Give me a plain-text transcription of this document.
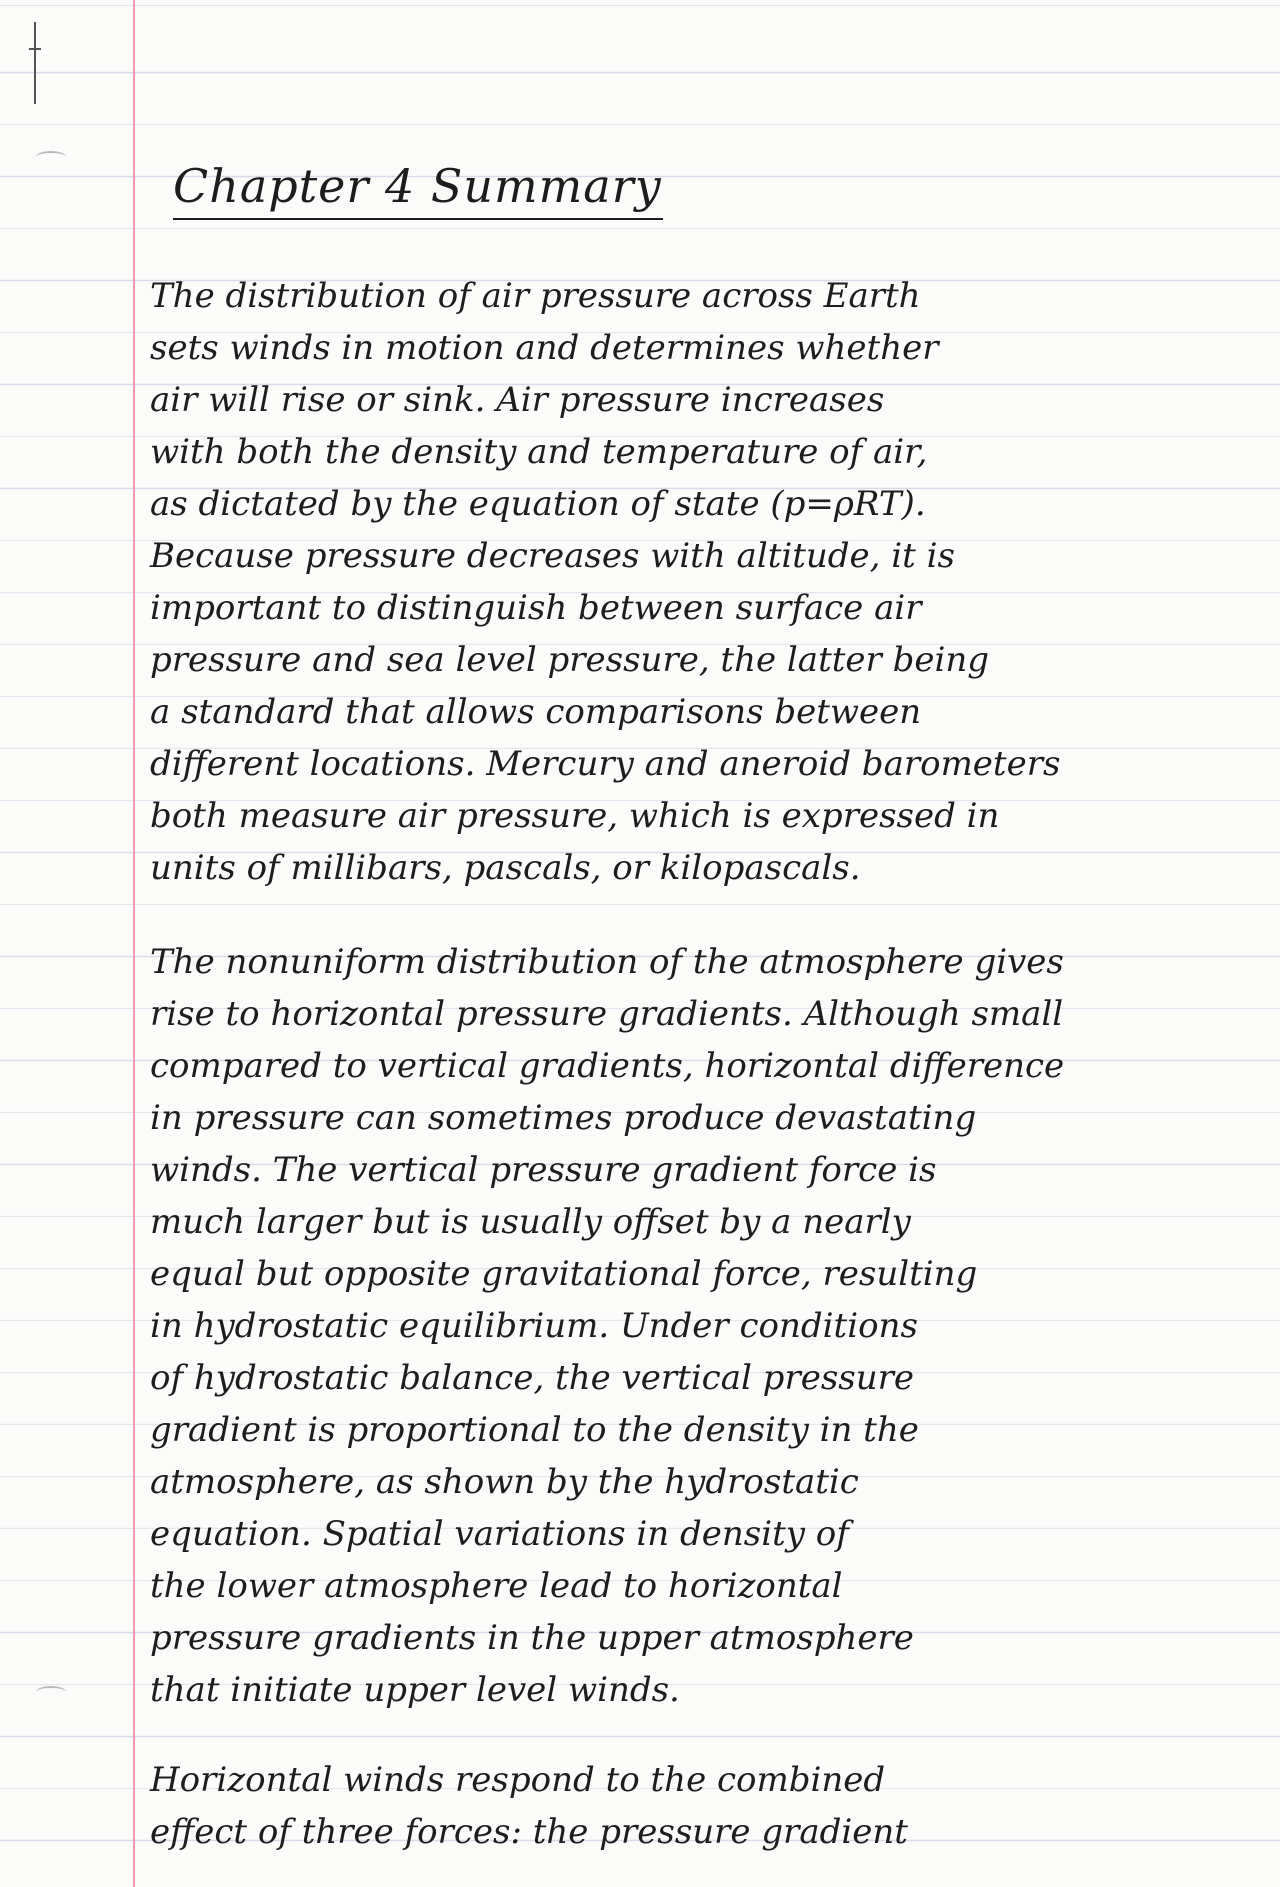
Chapter 4 Summary

The distribution of air pressure across Earth
sets winds in motion and determines whether
air will rise or sink. Air pressure increases
with both the density and temperature of air,
as dictated by the equation of state (p=ρRT).
Because pressure decreases with altitude, it is
important to distinguish between surface air
pressure and sea level pressure, the latter being
a standard that allows comparisons between
different locations. Mercury and aneroid barometers
both measure air pressure, which is expressed in
units of millibars, pascals, or kilopascals.

The nonuniform distribution of the atmosphere gives
rise to horizontal pressure gradients. Although small
compared to vertical gradients, horizontal difference
in pressure can sometimes produce devastating
winds. The vertical pressure gradient force is
much larger but is usually offset by a nearly
equal but opposite gravitational force, resulting
in hydrostatic equilibrium. Under conditions
of hydrostatic balance, the vertical pressure
gradient is proportional to the density in the
atmosphere, as shown by the hydrostatic
equation. Spatial variations in density of
the lower atmosphere lead to horizontal
pressure gradients in the upper atmosphere
that initiate upper level winds.

Horizontal winds respond to the combined
effect of three forces: the pressure gradient
